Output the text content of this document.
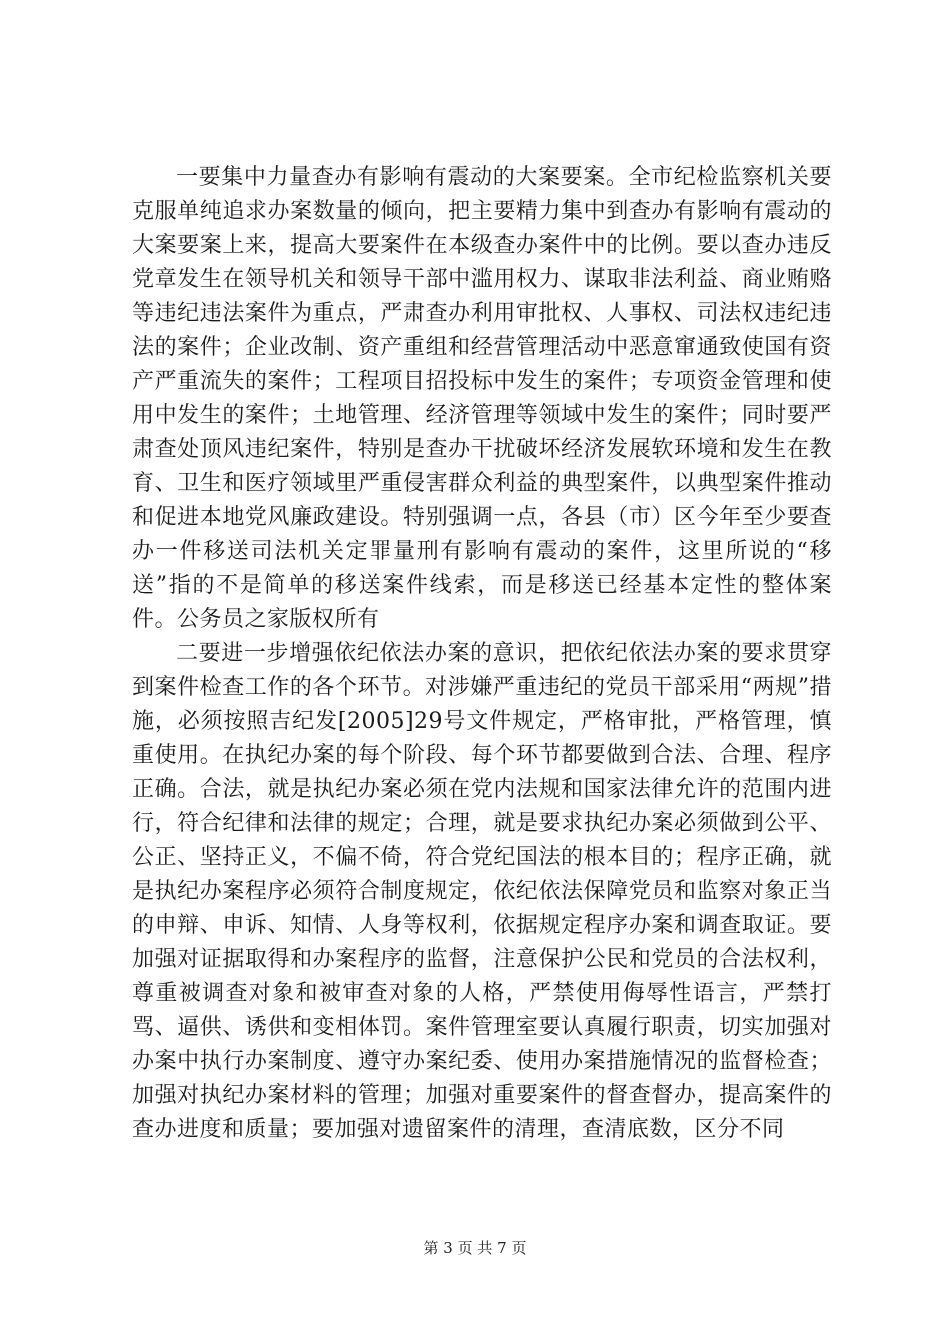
一要集中力量查办有影响有震动的大案要案。全市纪检监察机关要克服单纯追求办案数量的倾向，把主要精力集中到查办有影响有震动的大案要案上来，提高大要案件在本级查办案件中的比例。要以查办违反党章发生在领导机关和领导干部中滥用权力、谋取非法利益、商业贿赂等违纪违法案件为重点，严肃查办利用审批权、人事权、司法权违纪违法的案件；企业改制、资产重组和经营管理活动中恶意窜通致使国有资产严重流失的案件；工程项目招投标中发生的案件；专项资金管理和使用中发生的案件；土地管理、经济管理等领域中发生的案件；同时要严肃查处顶风违纪案件，特别是查办干扰破坏经济发展软环境和发生在教育、卫生和医疗领域里严重侵害群众利益的典型案件，以典型案件推动和促进本地党风廉政建设。特别强调一点，各县（市）区今年至少要查办一件移送司法机关定罪量刑有影响有震动的案件，这里所说的“移送”指的不是简单的移送案件线索，而是移送已经基本定性的整体案件。公务员之家版权所有

二要进一步增强依纪依法办案的意识，把依纪依法办案的要求贯穿到案件检查工作的各个环节。对涉嫌严重违纪的党员干部采用“两规”措施，必须按照吉纪发[2005]29号文件规定，严格审批，严格管理，慎重使用。在执纪办案的每个阶段、每个环节都要做到合法、合理、程序正确。合法，就是执纪办案必须在党内法规和国家法律允许的范围内进行，符合纪律和法律的规定；合理，就是要求执纪办案必须做到公平、公正、坚持正义，不偏不倚，符合党纪国法的根本目的；程序正确，就是执纪办案程序必须符合制度规定，依纪依法保障党员和监察对象正当的申辩、申诉、知情、人身等权利，依据规定程序办案和调查取证。要加强对证据取得和办案程序的监督，注意保护公民和党员的合法权利，尊重被调查对象和被审查对象的人格，严禁使用侮辱性语言，严禁打骂、逼供、诱供和变相体罚。案件管理室要认真履行职责，切实加强对办案中执行办案制度、遵守办案纪委、使用办案措施情况的监督检查；加强对执纪办案材料的管理；加强对重要案件的督查督办，提高案件的查办进度和质量；要加强对遗留案件的清理，查清底数，区分不同

第 3 页 共 7 页
